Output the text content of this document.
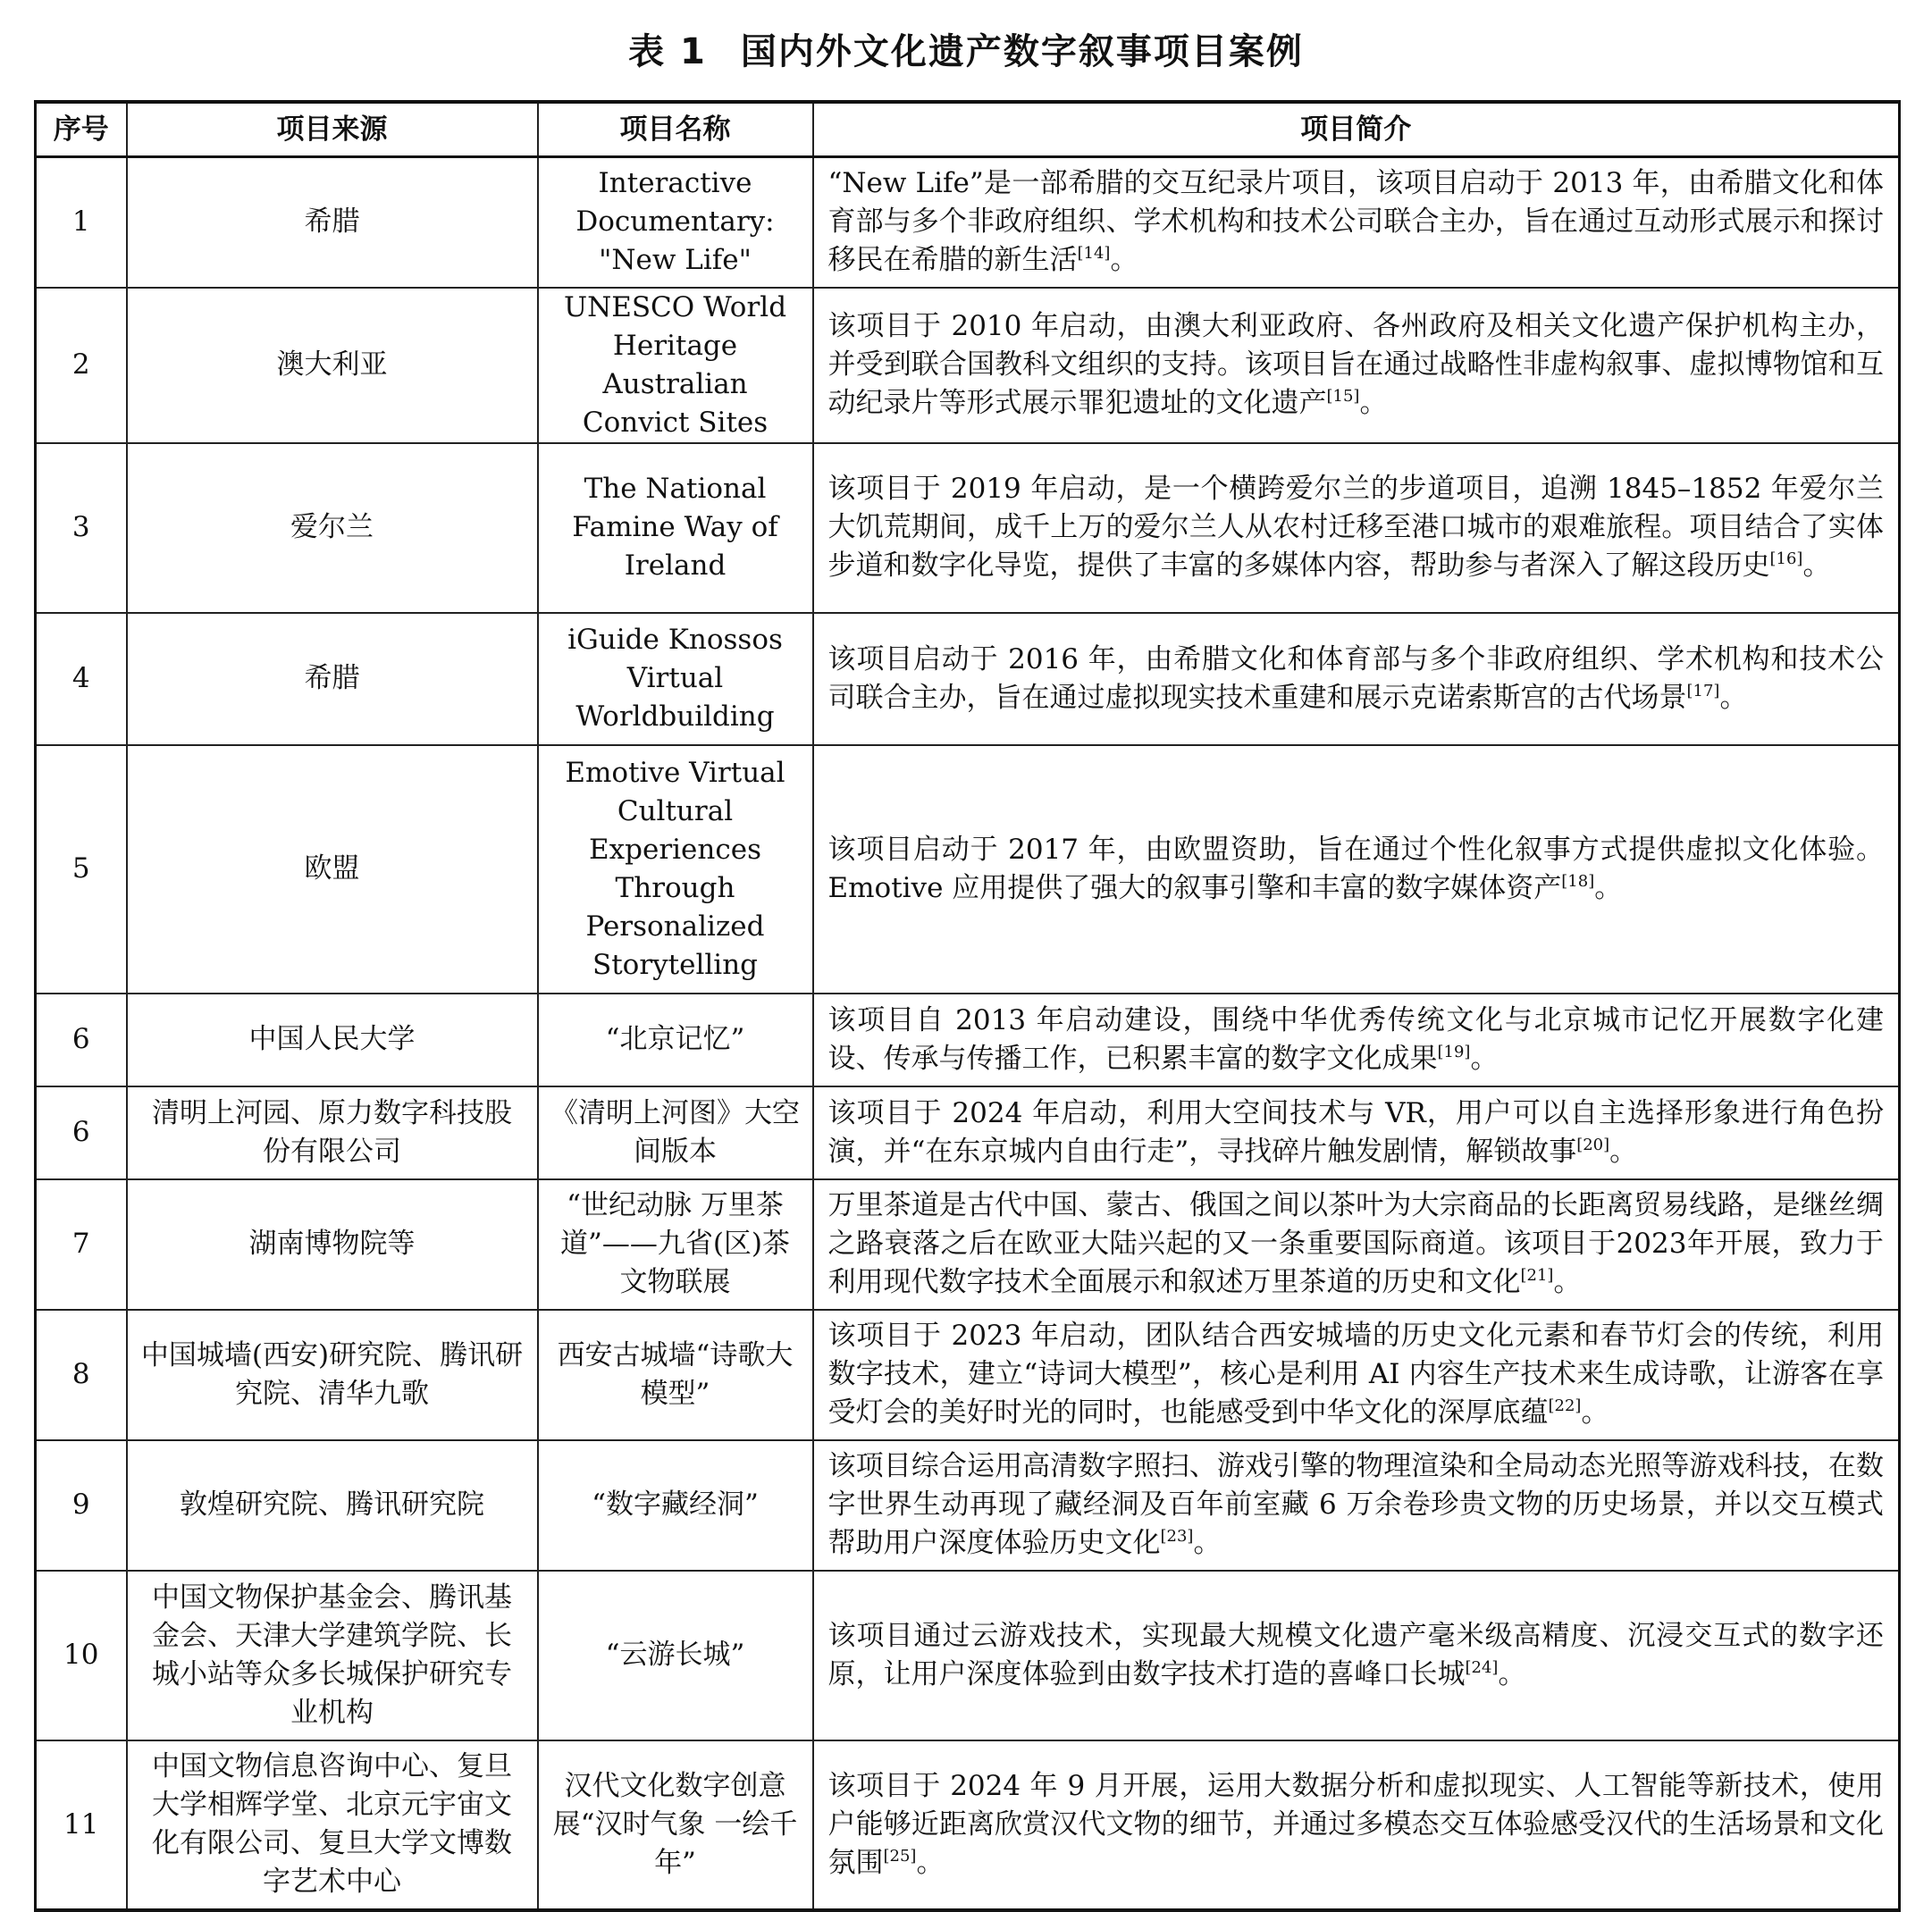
表 1 国内外文化遗产数字叙事项目案例
序号	项目来源	项目名称	项目简介
1	希腊	Interactive Documentary: "New Life"	“New Life”是一部希腊的交互纪录片项目，该项目启动于 2013 年，由希腊文化和体育部与多个非政府组织、学术机构和技术公司联合主办，旨在通过互动形式展示和探讨移民在希腊的新生活[14]。
2	澳大利亚	UNESCO World Heritage Australian Convict Sites	该项目于 2010 年启动，由澳大利亚政府、各州政府及相关文化遗产保护机构主办，并受到联合国教科文组织的支持。该项目旨在通过战略性非虚构叙事、虚拟博物馆和互动纪录片等形式展示罪犯遗址的文化遗产[15]。
3	爱尔兰	The National Famine Way of Ireland	该项目于 2019 年启动，是一个横跨爱尔兰的步道项目，追溯 1845–1852 年爱尔兰大饥荒期间，成千上万的爱尔兰人从农村迁移至港口城市的艰难旅程。项目结合了实体步道和数字化导览，提供了丰富的多媒体内容，帮助参与者深入了解这段历史[16]。
4	希腊	iGuide Knossos Virtual Worldbuilding	该项目启动于 2016 年，由希腊文化和体育部与多个非政府组织、学术机构和技术公司联合主办，旨在通过虚拟现实技术重建和展示克诺索斯宫的古代场景[17]。
5	欧盟	Emotive Virtual Cultural Experiences Through Personalized Storytelling	该项目启动于 2017 年，由欧盟资助，旨在通过个性化叙事方式提供虚拟文化体验。Emotive 应用提供了强大的叙事引擎和丰富的数字媒体资产[18]。
6	中国人民大学	“北京记忆”	该项目自 2013 年启动建设，围绕中华优秀传统文化与北京城市记忆开展数字化建设、传承与传播工作，已积累丰富的数字文化成果[19]。
6	清明上河园、原力数字科技股份有限公司	《清明上河图》大空间版本	该项目于 2024 年启动，利用大空间技术与 VR，用户可以自主选择形象进行角色扮演，并“在东京城内自由行走”，寻找碎片触发剧情，解锁故事[20]。
7	湖南博物院等	“世纪动脉 万里茶道”——九省(区)茶文物联展	万里茶道是古代中国、蒙古、俄国之间以茶叶为大宗商品的长距离贸易线路，是继丝绸之路衰落之后在欧亚大陆兴起的又一条重要国际商道。该项目于2023年开展，致力于利用现代数字技术全面展示和叙述万里茶道的历史和文化[21]。
8	中国城墙(西安)研究院、腾讯研究院、清华九歌	西安古城墙“诗歌大模型”	该项目于 2023 年启动，团队结合西安城墙的历史文化元素和春节灯会的传统，利用数字技术，建立“诗词大模型”，核心是利用 AI 内容生产技术来生成诗歌，让游客在享受灯会的美好时光的同时，也能感受到中华文化的深厚底蕴[22]。
9	敦煌研究院、腾讯研究院	“数字藏经洞”	该项目综合运用高清数字照扫、游戏引擎的物理渲染和全局动态光照等游戏科技，在数字世界生动再现了藏经洞及百年前室藏 6 万余卷珍贵文物的历史场景，并以交互模式帮助用户深度体验历史文化[23]。
10	中国文物保护基金会、腾讯基金会、天津大学建筑学院、长城小站等众多长城保护研究专业机构	“云游长城”	该项目通过云游戏技术，实现最大规模文化遗产毫米级高精度、沉浸交互式的数字还原，让用户深度体验到由数字技术打造的喜峰口长城[24]。
11	中国文物信息咨询中心、复旦大学相辉学堂、北京元宇宙文化有限公司、复旦大学文博数字艺术中心	汉代文化数字创意展“汉时气象 一绘千年”	该项目于 2024 年 9 月开展，运用大数据分析和虚拟现实、人工智能等新技术，使用户能够近距离欣赏汉代文物的细节，并通过多模态交互体验感受汉代的生活场景和文化氛围[25]。
